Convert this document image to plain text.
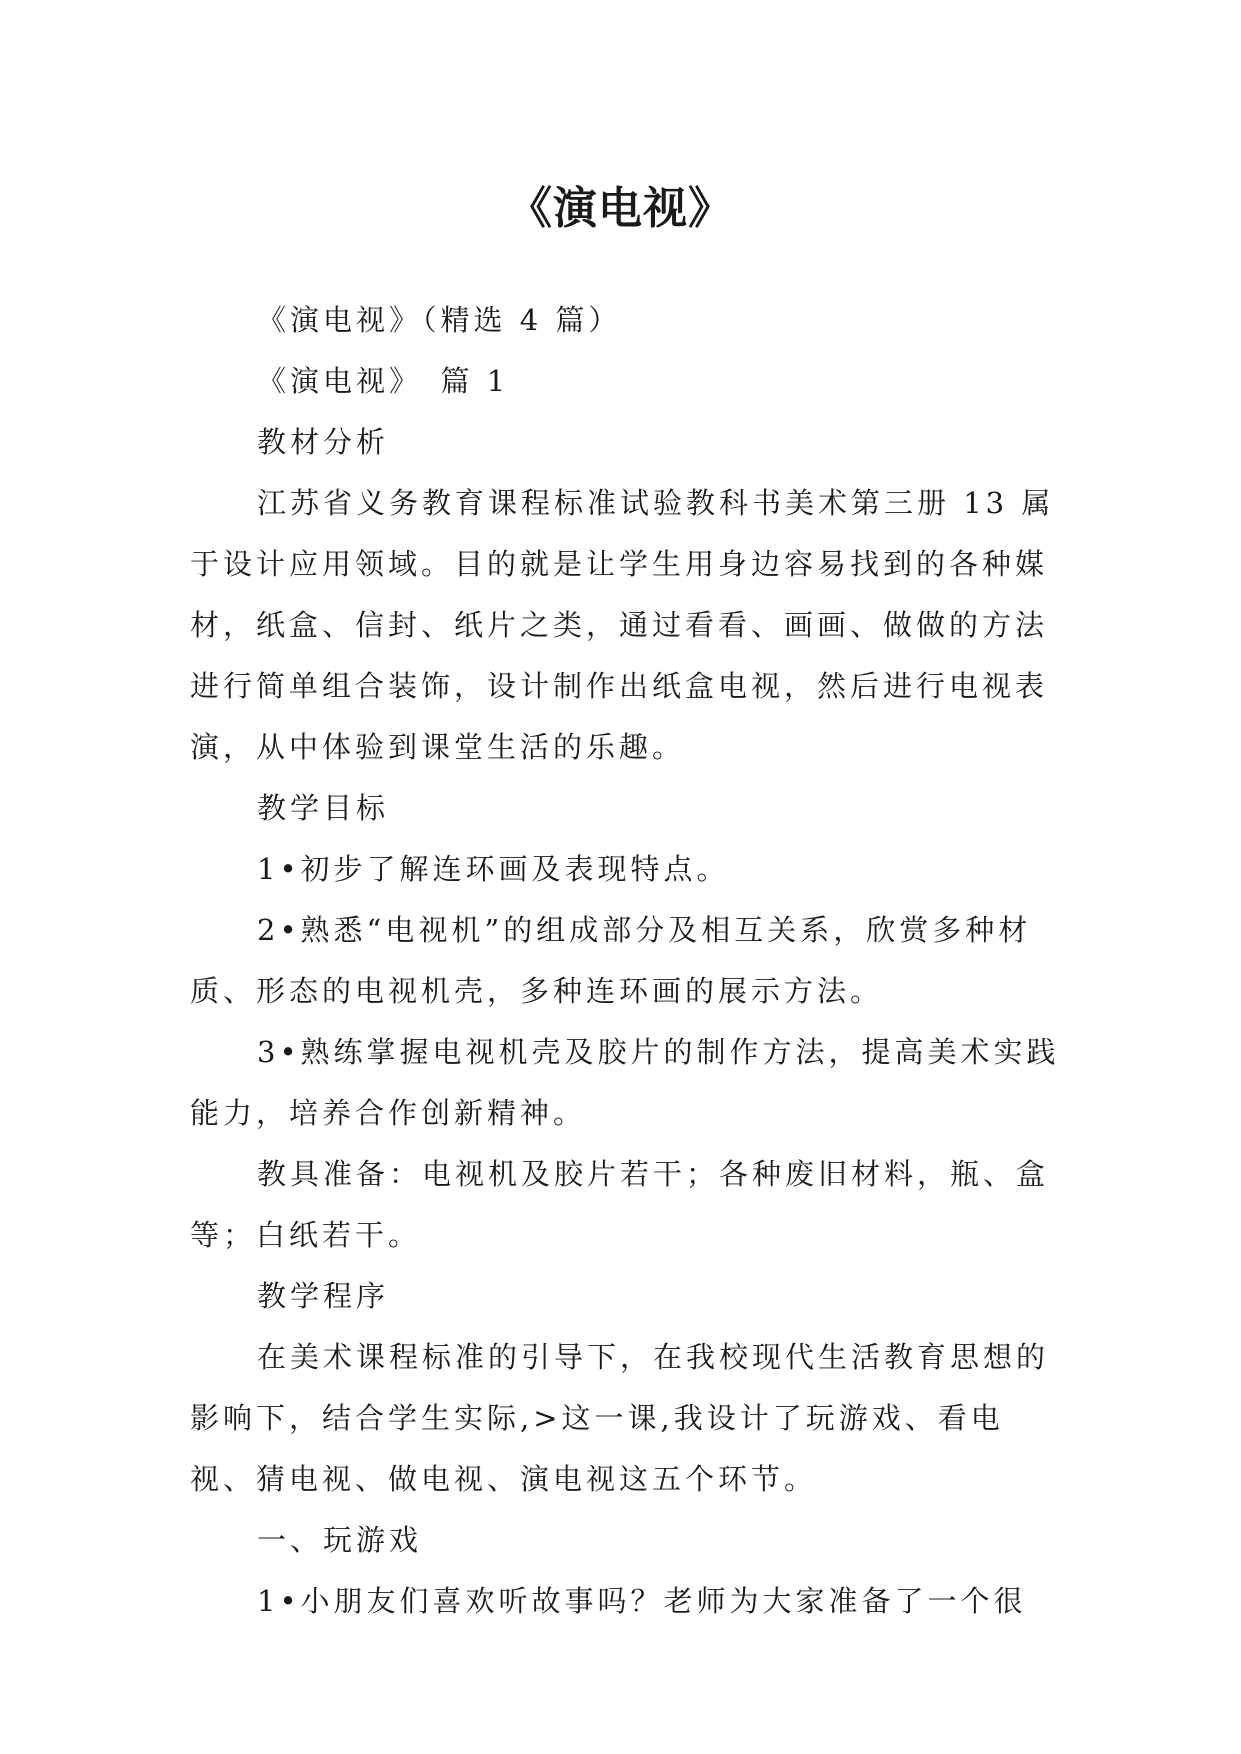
《演电视》

《演电视》（精选 4 篇）

《演电视》　篇 1

教材分析

江苏省义务教育课程标准试验教科书美术第三册 13 属于设计应用领域。目的就是让学生用身边容易找到的各种媒材，纸盒、信封、纸片之类，通过看看、画画、做做的方法进行简单组合装饰，设计制作出纸盒电视，然后进行电视表演，从中体验到课堂生活的乐趣。

教学目标

1•初步了解连环画及表现特点。

2•熟悉“电视机”的组成部分及相互关系，欣赏多种材质、形态的电视机壳，多种连环画的展示方法。

3•熟练掌握电视机壳及胶片的制作方法，提高美术实践能力，培养合作创新精神。

教具准备：电视机及胶片若干；各种废旧材料，瓶、盒等；白纸若干。

教学程序

在美术课程标准的引导下，在我校现代生活教育思想的影响下，结合学生实际,>这一课,我设计了玩游戏、看电视、猜电视、做电视、演电视这五个环节。

一、玩游戏

1•小朋友们喜欢听故事吗？老师为大家准备了一个很
